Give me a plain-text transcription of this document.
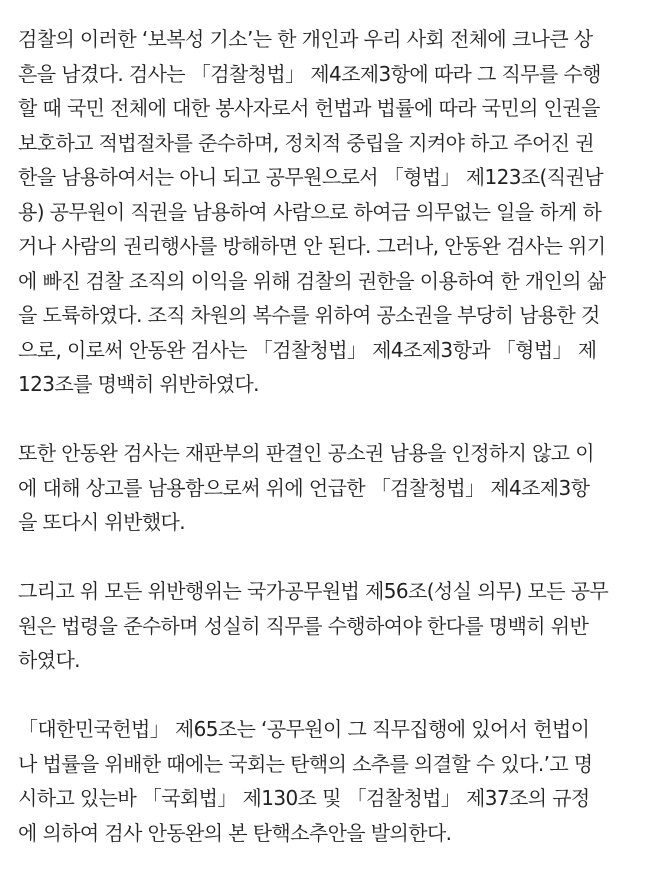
검찰의 이러한 ‘보복성 기소’는 한 개인과 우리 사회 전체에 크나큰 상
흔을 남겼다. 검사는 「검찰청법」 제4조제3항에 따라 그 직무를 수행
할 때 국민 전체에 대한 봉사자로서 헌법과 법률에 따라 국민의 인권을
보호하고 적법절차를 준수하며, 정치적 중립을 지켜야 하고 주어진 권
한을 남용하여서는 아니 되고 공무원으로서 「형법」 제123조(직권남
용) 공무원이 직권을 남용하여 사람으로 하여금 의무없는 일을 하게 하
거나 사람의 권리행사를 방해하면 안 된다. 그러나, 안동완 검사는 위기
에 빠진 검찰 조직의 이익을 위해 검찰의 권한을 이용하여 한 개인의 삶
을 도륙하였다. 조직 차원의 복수를 위하여 공소권을 부당히 남용한 것
으로, 이로써 안동완 검사는 「검찰청법」 제4조제3항과 「형법」 제
123조를 명백히 위반하였다.

또한 안동완 검사는 재판부의 판결인 공소권 남용을 인정하지 않고 이
에 대해 상고를 남용함으로써 위에 언급한 「검찰청법」 제4조제3항
을 또다시 위반했다.

그리고 위 모든 위반행위는 국가공무원법 제56조(성실 의무) 모든 공무
원은 법령을 준수하며 성실히 직무를 수행하여야 한다를 명백히 위반
하였다.

「대한민국헌법」 제65조는 ‘공무원이 그 직무집행에 있어서 헌법이
나 법률을 위배한 때에는 국회는 탄핵의 소추를 의결할 수 있다.’고 명
시하고 있는바 「국회법」 제130조 및 「검찰청법」 제37조의 규정
에 의하여 검사 안동완의 본 탄핵소추안을 발의한다.
